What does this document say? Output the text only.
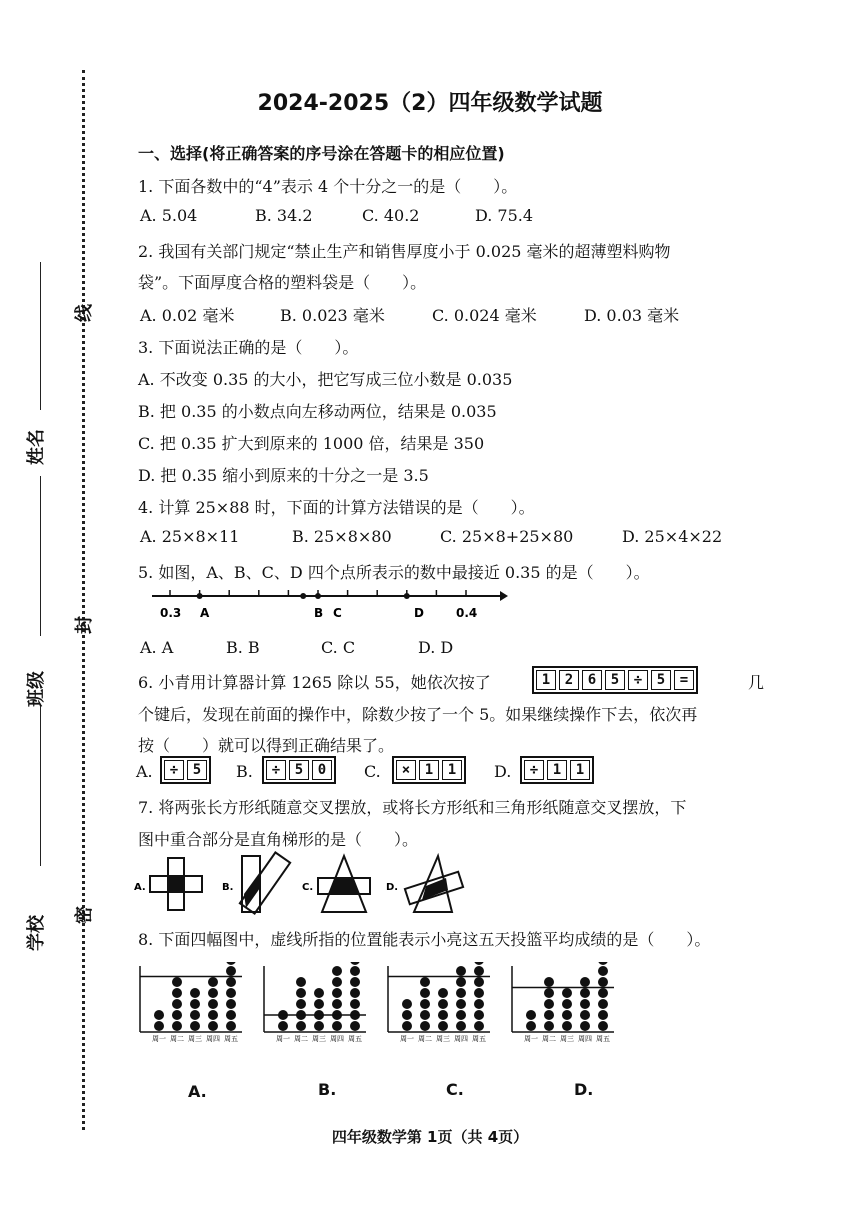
线
封
密
姓名
班级
学校
2024-2025（2）四年级数学试题
一、选择(将正确答案的序号涂在答题卡的相应位置)
1. 下面各数中的“4”表示 4 个十分之一的是（　　）。
A. 5.04	B. 34.2	C. 40.2	D. 75.4
2. 我国有关部门规定“禁止生产和销售厚度小于 0.025 毫米的超薄塑料购物
袋”。下面厚度合格的塑料袋是（　　）。
A. 0.02 毫米	B. 0.023 毫米	C. 0.024 毫米	D. 0.03 毫米
3. 下面说法正确的是（　　）。
A. 不改变 0.35 的大小，把它写成三位小数是 0.035
B. 把 0.35 的小数点向左移动两位，结果是 0.035
C. 把 0.35 扩大到原来的 1000 倍，结果是 350
D. 把 0.35 缩小到原来的十分之一是 3.5
4. 计算 25×88 时，下面的计算方法错误的是（　　）。
A. 25×8×11	B. 25×8×80	C. 25×8+25×80	D. 25×4×22
5. 如图，A、B、C、D 四个点所表示的数中最接近 0.35 的是（　　）。
0.3 A	B C	D	0.4
A. A	B. B	C. C	D. D
6. 小青用计算器计算 1265 除以 55，她依次按了	1	2	6	5	÷	5	=	几
个键后，发现在前面的操作中，除数少按了一个 5。如果继续操作下去，依次再
按（　　）就可以得到正确结果了。
A.	÷	5	B.	÷	5	0	C.	×	1	1	D.	÷	1	1
7. 将两张长方形纸随意交叉摆放，或将长方形纸和三角形纸随意交叉摆放，下
图中重合部分是直角梯形的是（　　）。
A.	B.	C.	D.
8. 下面四幅图中，虚线所指的位置能表示小亮这五天投篮平均成绩的是（　　）。
周一 周二 周三 周四 周五	周一 周二 周三 周四 周五	周一 周二 周三 周四 周五	周一 周二 周三 周四 周五
A.	B.	C.	D.
四年级数学第 1页（共 4页）
